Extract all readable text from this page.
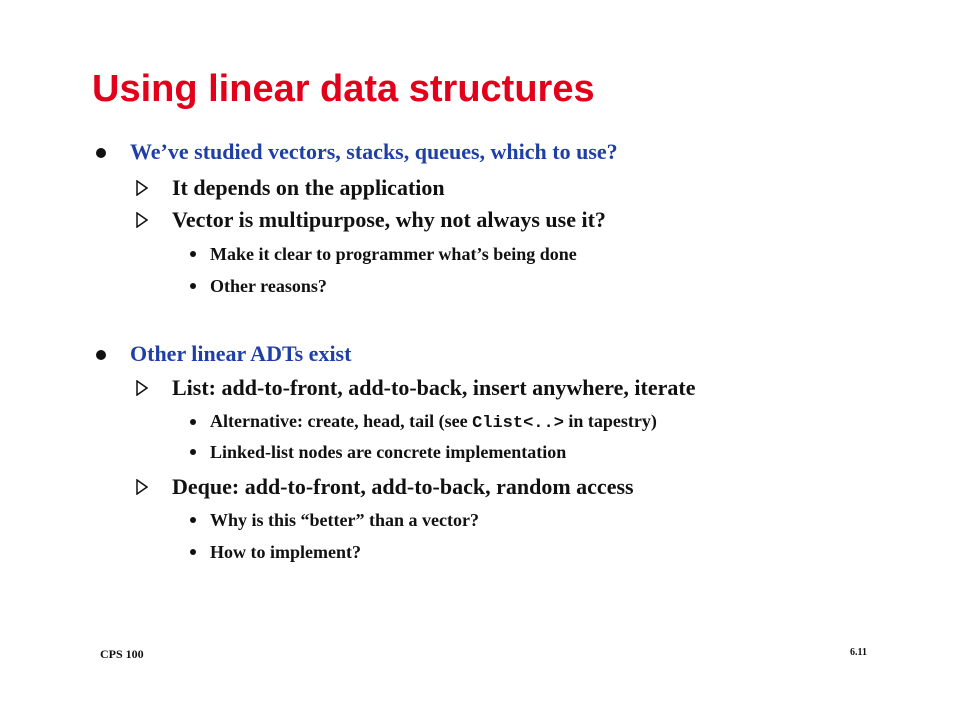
Using linear data structures
We’ve studied vectors, stacks, queues, which to use?
It depends on the application
Vector is multipurpose, why not always use it?
Make it clear to programmer what’s being done
Other reasons?
Other linear ADTs exist
List: add-to-front, add-to-back, insert anywhere, iterate
Alternative: create, head, tail (see Clist<..> in tapestry)
Linked-list nodes are concrete implementation
Deque: add-to-front, add-to-back, random access
Why is this “better” than a vector?
How to implement?
CPS 100	6.11
